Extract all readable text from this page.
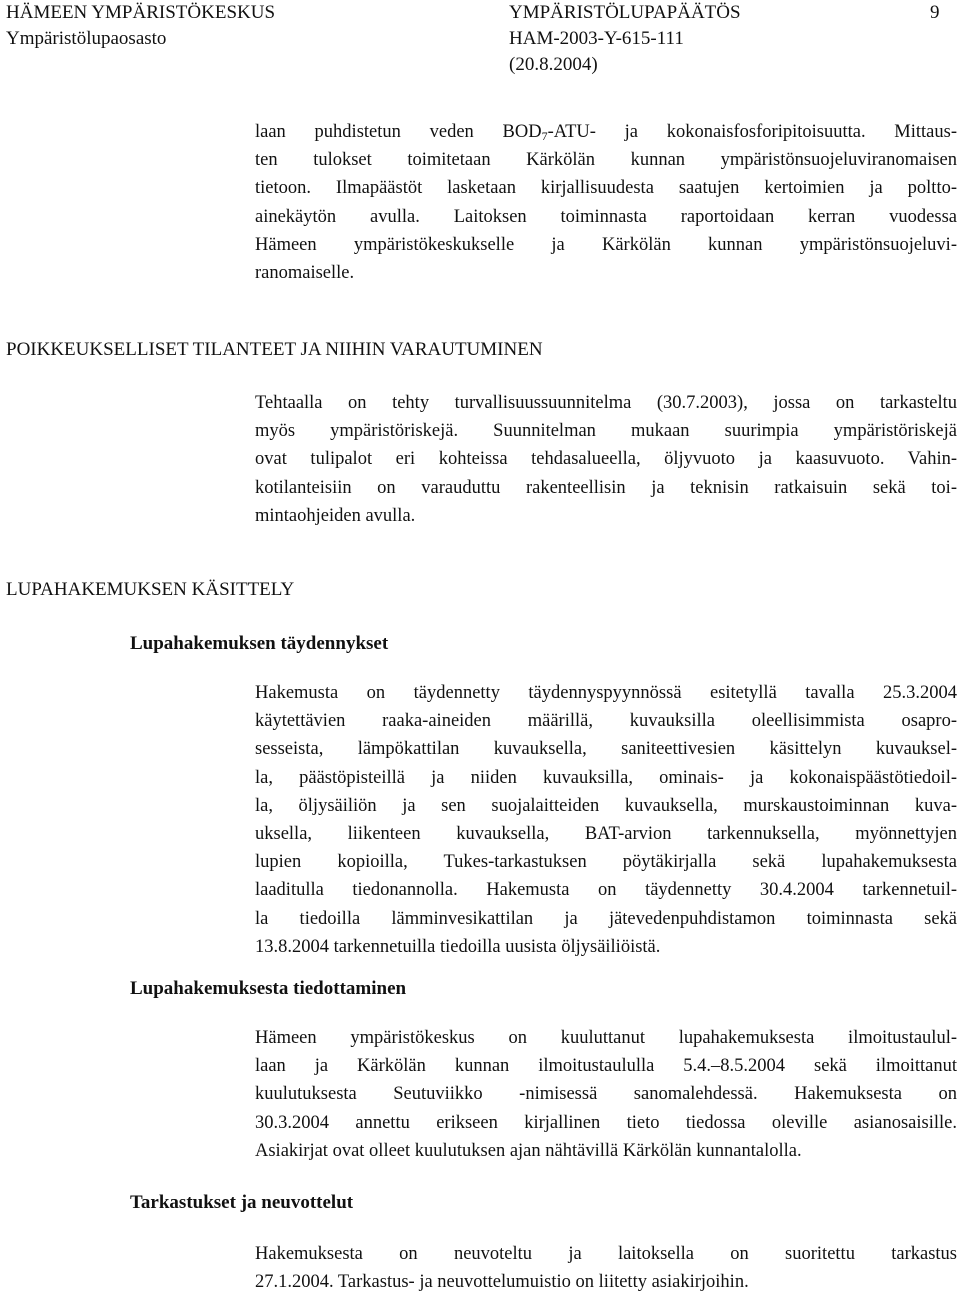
HÄMEEN YMPÄRISTÖKESKUS
Ympäristölupaosasto
YMPÄRISTÖLUPAPÄÄTÖS
HAM-2003-Y-615-111
(20.8.2004)
9
laan puhdistetun veden $BOD_7-ATU-$ ja kokonaisfosforipitoisuutta. Mittaus-
ten tulokset toimitetaan Kärkölän kunnan ympäristönsuojeluviranomaisen
tietoon. Ilmapäästöt lasketaan kirjallisuudesta saatujen kertoimien ja poltto-
ainekäytön avulla. Laitoksen toiminnasta raportoidaan kerran vuodessa
Hämeen ympäristökeskukselle ja Kärkölän kunnan ympäristönsuojeluvi-
ranomaiselle.
POIKKEUKSELLISET TILANTEET JA NIIHIN VARAUTUMINEN
Tehtaalla on tehty turvallisuussuunnitelma (30.7.2003), jossa on tarkasteltu
myös ympäristöriskejä. Suunnitelman mukaan suurimpia ympäristöriskejä
ovat tulipalot eri kohteissa tehdasalueella, öljyvuoto ja kaasuvuoto. Vahin-
kotilanteisiin on varauduttu rakenteellisin ja teknisin ratkaisuin sekä toi-
mintaohjeiden avulla.
LUPAHAKEMUKSEN KÄSITTELY
Lupahakemuksen täydennykset
Hakemusta on täydennetty täydennyspyynnössä esitetyllä tavalla 25.3.2004
käytettävien raaka-aineiden määrillä, kuvauksilla oleellisimmista osapro-
sesseista, lämpökattilan kuvauksella, saniteettivesien käsittelyn kuvauksel-
la, päästöpisteillä ja niiden kuvauksilla, ominais- ja kokonaispäästötiedoil-
la, öljysäiliön ja sen suojalaitteiden kuvauksella, murskaustoiminnan kuva-
uksella, liikenteen kuvauksella, BAT-arvion tarkennuksella, myönnettyjen
lupien kopioilla, Tukes-tarkastuksen pöytäkirjalla sekä lupahakemuksesta
laaditulla tiedonannolla. Hakemusta on täydennetty 30.4.2004 tarkennetuil-
la tiedoilla lämminvesikattilan ja jätevedenpuhdistamon toiminnasta sekä
13.8.2004 tarkennetuilla tiedoilla uusista öljysäiliöistä.
Lupahakemuksesta tiedottaminen
Hämeen ympäristökeskus on kuuluttanut lupahakemuksesta ilmoitustaulul-
laan ja Kärkölän kunnan ilmoitustaululla 5.4.–8.5.2004 sekä ilmoittanut
kuulutuksesta Seutuviikko -nimisessä sanomalehdessä. Hakemuksesta on
30.3.2004 annettu erikseen kirjallinen tieto tiedossa oleville asianosaisille.
Asiakirjat ovat olleet kuulutuksen ajan nähtävillä Kärkölän kunnantalolla.
Tarkastukset ja neuvottelut
Hakemuksesta on neuvoteltu ja laitoksella on suoritettu tarkastus
27.1.2004. Tarkastus- ja neuvottelumuistio on liitetty asiakirjoihin.
